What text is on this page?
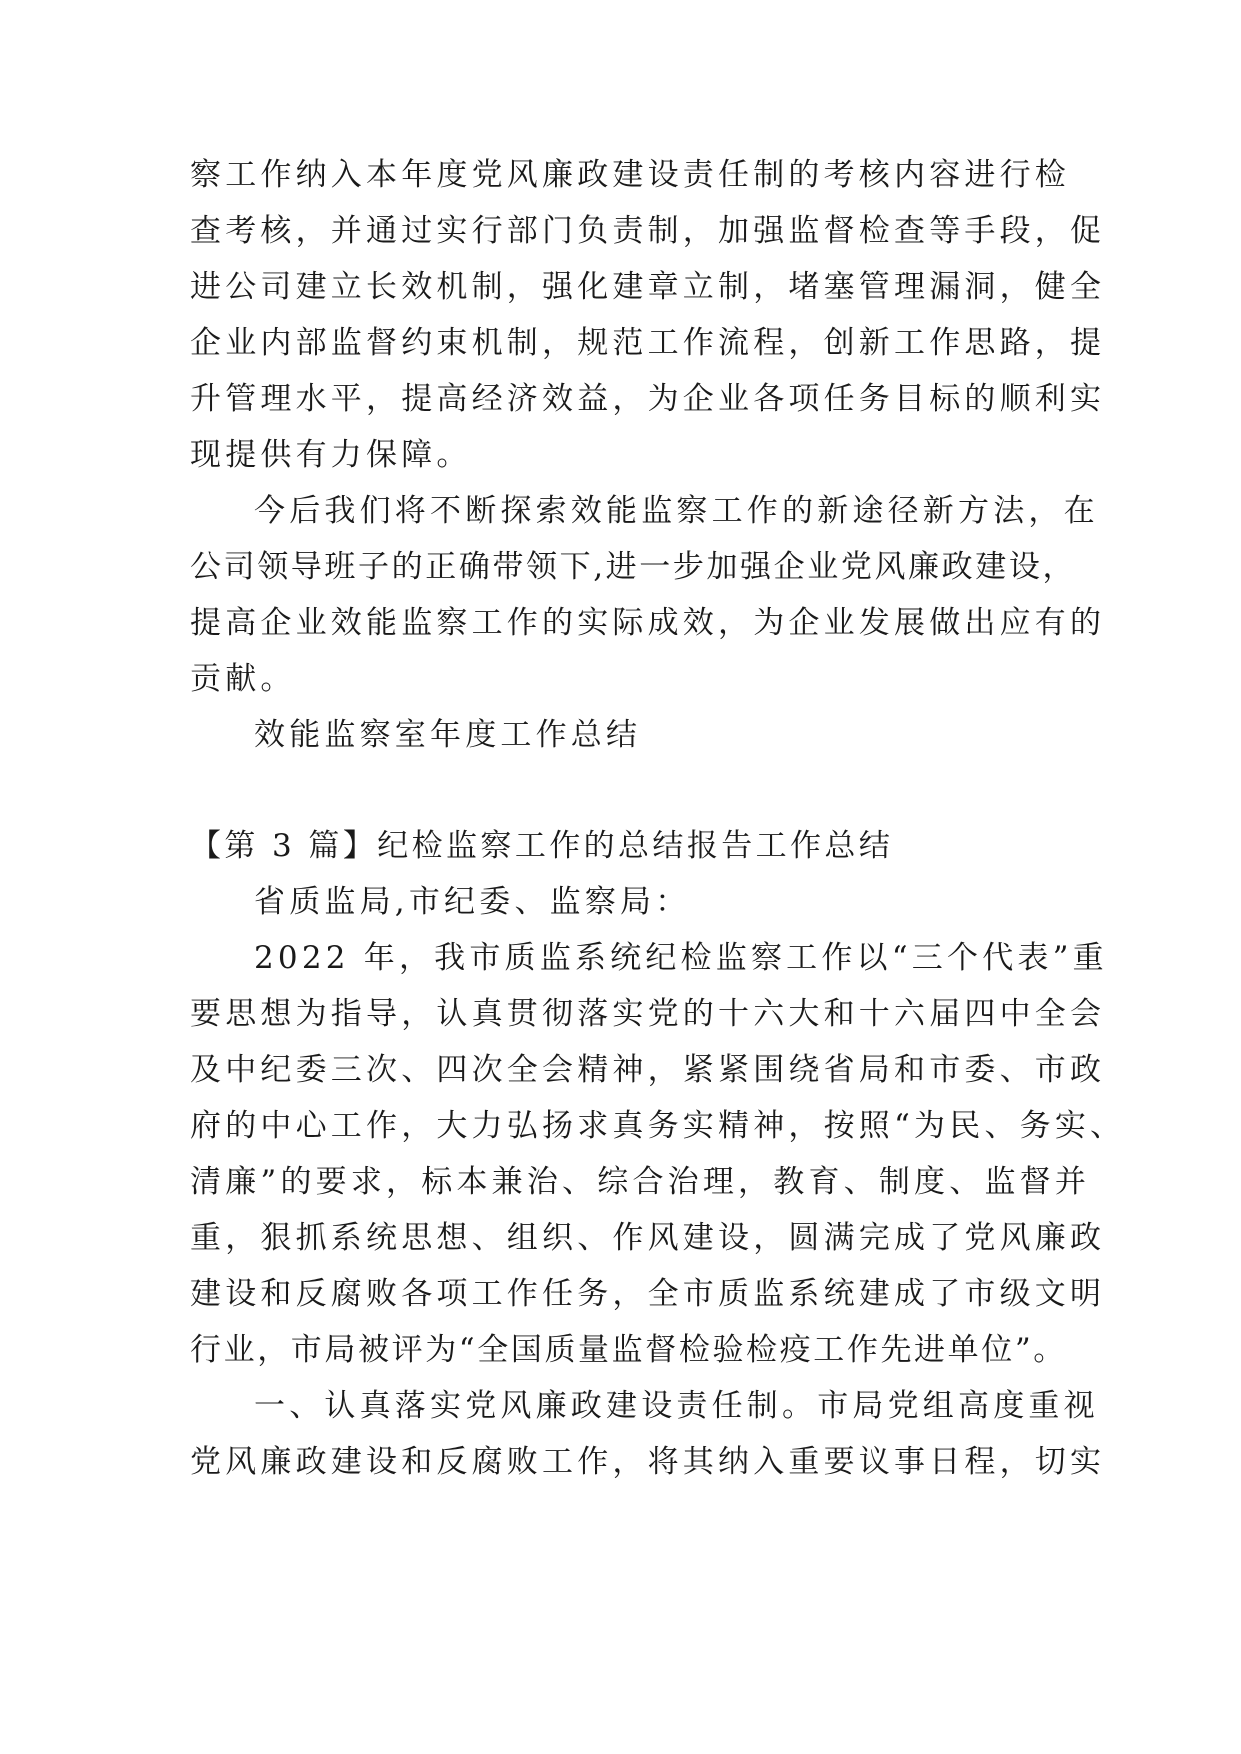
察工作纳入本年度党风廉政建设责任制的考核内容进行检
查考核，并通过实行部门负责制，加强监督检查等手段，促
进公司建立长效机制，强化建章立制，堵塞管理漏洞，健全
企业内部监督约束机制，规范工作流程，创新工作思路，提
升管理水平，提高经济效益，为企业各项任务目标的顺利实
现提供有力保障。
今后我们将不断探索效能监察工作的新途径新方法，在
公司领导班子的正确带领下,进一步加强企业党风廉政建设，
提高企业效能监察工作的实际成效，为企业发展做出应有的
贡献。
效能监察室年度工作总结
【第 3 篇】纪检监察工作的总结报告工作总结
省质监局,市纪委、监察局：
2022 年，我市质监系统纪检监察工作以“三个代表”重
要思想为指导，认真贯彻落实党的十六大和十六届四中全会
及中纪委三次、四次全会精神，紧紧围绕省局和市委、市政
府的中心工作，大力弘扬求真务实精神，按照“为民、务实、
清廉”的要求，标本兼治、综合治理，教育、制度、监督并
重，狠抓系统思想、组织、作风建设，圆满完成了党风廉政
建设和反腐败各项工作任务，全市质监系统建成了市级文明
行业，市局被评为“全国质量监督检验检疫工作先进单位”。
一、认真落实党风廉政建设责任制。市局党组高度重视
党风廉政建设和反腐败工作，将其纳入重要议事日程，切实
